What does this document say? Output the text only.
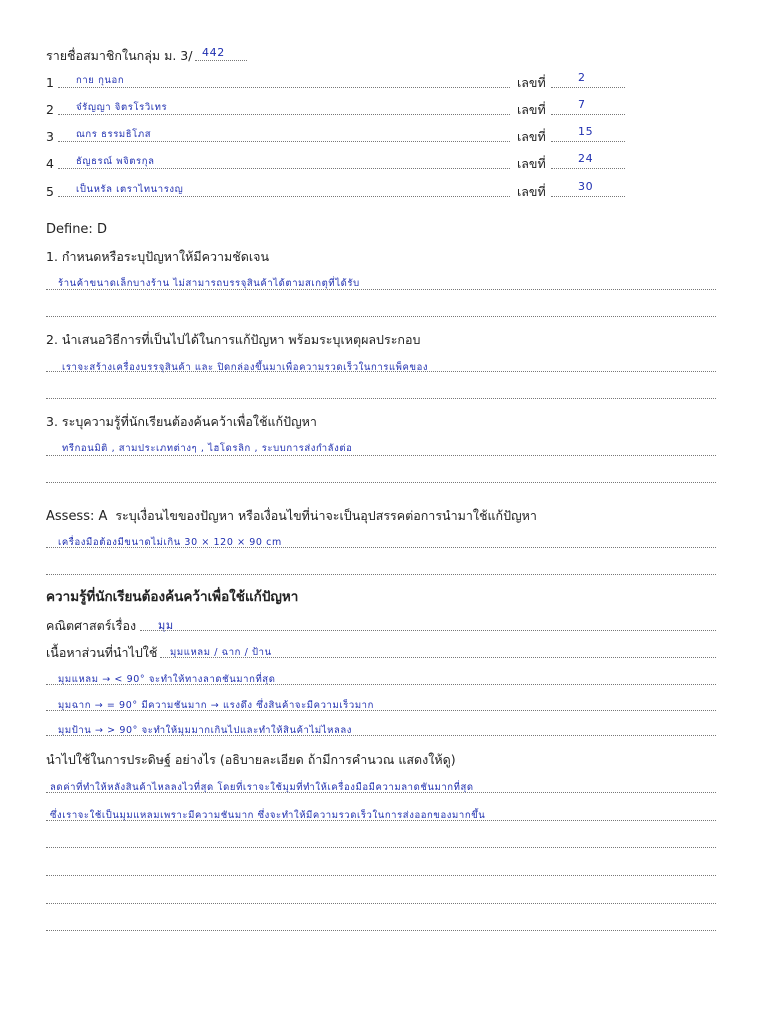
รายชื่อสมาชิกในกลุ่ม ม. 3/ 442
1 กาย กุนอก	เลขที่	2
2 จ๋รัญญา จิตรโรวิเทร	เลขที่	7
3 ณกร ธรรมธิโภส	เลขที่	15
4 ธัญธรณ์ พจิตรกุล	เลขที่	24
5 เป็นหรัล เตราไทนารงญ	เลขที่	30
Define: D
1. กำหนดหรือระบุปัญหาให้มีความชัดเจน
ร้านค้าขนาดเล็กบางร้าน ไม่สามารถบรรจุสินค้าได้ตามสเกตุที่ได้รับ
2. นำเสนอวิธีการที่เป็นไปได้ในการแก้ปัญหา พร้อมระบุเหตุผลประกอบ
เราจะสร้างเครื่องบรรจุสินค้า และ ปิดกล่องขึ้นมาเพื่อความรวดเร็วในการแพ็คของ
3. ระบุความรู้ที่นักเรียนต้องค้นคว้าเพื่อใช้แก้ปัญหา
ทรีกอนมิติ , สามประเภทต่างๆ , ไฮโดรลิก , ระบบการส่งกำลังต่อ
Assess: A ระบุเงื่อนไขของปัญหา หรือเงื่อนไขที่น่าจะเป็นอุปสรรคต่อการนำมาใช้แก้ปัญหา
เครื่องมือต้องมีขนาดไม่เกิน 30 × 120 × 90 cm
ความรู้ที่นักเรียนต้องค้นคว้าเพื่อใช้แก้ปัญหา
คณิตศาสตร์เรื่อง มุม
เนื้อหาส่วนที่นำไปใช้ มุมแหลม / ฉาก / ป้าน
มุมแหลม → < 90° จะทำให้ทางลาดชันมากที่สุด
มุมฉาก → = 90° มีความชันมาก → แรงดึง ซึ่งสินค้าจะมีความเร็วมาก
มุมป้าน → > 90° จะทำให้มุมมากเกินไปและทำให้สินค้าไม่ไหลลง
นำไปใช้ในการประดิษฐ์ อย่างไร (อธิบายละเอียด ถ้ามีการคำนวณ แสดงให้ดู)
ลดค่าที่ทำให้หลังสินค้าไหลลงไวที่สุด โดยที่เราจะใช้มุมที่ทำให้เครื่องมือมีความลาดชันมากที่สุด
ซึ่งเราจะใช้เป็นมุมแหลมเพราะมีความชันมาก ซึ่งจะทำให้มีความรวดเร็วในการส่งออกของมากขึ้น
